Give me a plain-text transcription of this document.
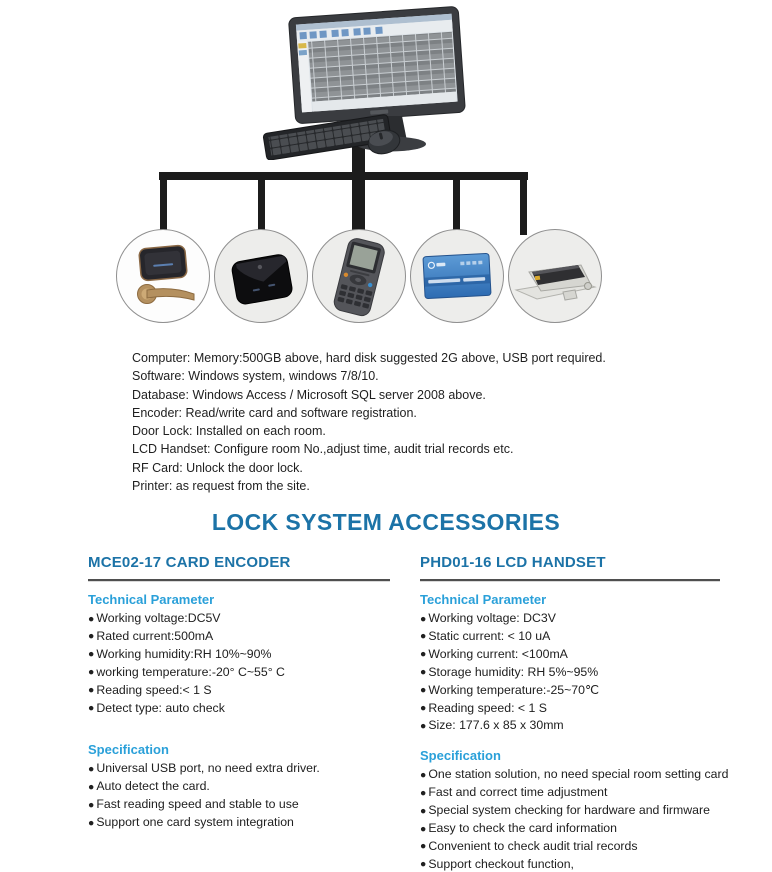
Computer: Memory:500GB above, hard disk suggested 2G above, USB port required.
Software: Windows system, windows 7/8/10.
Database: Windows Access / Microsoft SQL server 2008 above.
Encoder: Read/write card and software registration.
Door Lock: Installed on each room.
LCD Handset: Configure room No.,adjust time, audit trial records etc.
RF Card: Unlock the door lock.
Printer: as request from the site.
LOCK SYSTEM ACCESSORIES
MCE02-17 CARD ENCODER
Technical Parameter
● Working voltage:DC5V
● Rated current:500mA
● Working humidity:RH 10%~90%
● working temperature:-20° C~55° C
● Reading speed:< 1 S
● Detect type: auto check
Specification
● Universal USB port, no need extra driver.
● Auto detect the card.
● Fast reading speed and stable to use
● Support one card system integration
PHD01-16 LCD HANDSET
Technical Parameter
● Working voltage: DC3V
● Static current: < 10 uA
● Working current: <100mA
● Storage humidity: RH 5%~95%
● Working temperature:-25~70℃
● Reading speed: < 1 S
● Size: 177.6 x 85 x 30mm
Specification
● One station solution, no need special room setting card
● Fast and correct time adjustment
● Special system checking for hardware and firmware
● Easy to check the card information
● Convenient to check audit trial records
● Support checkout function,
